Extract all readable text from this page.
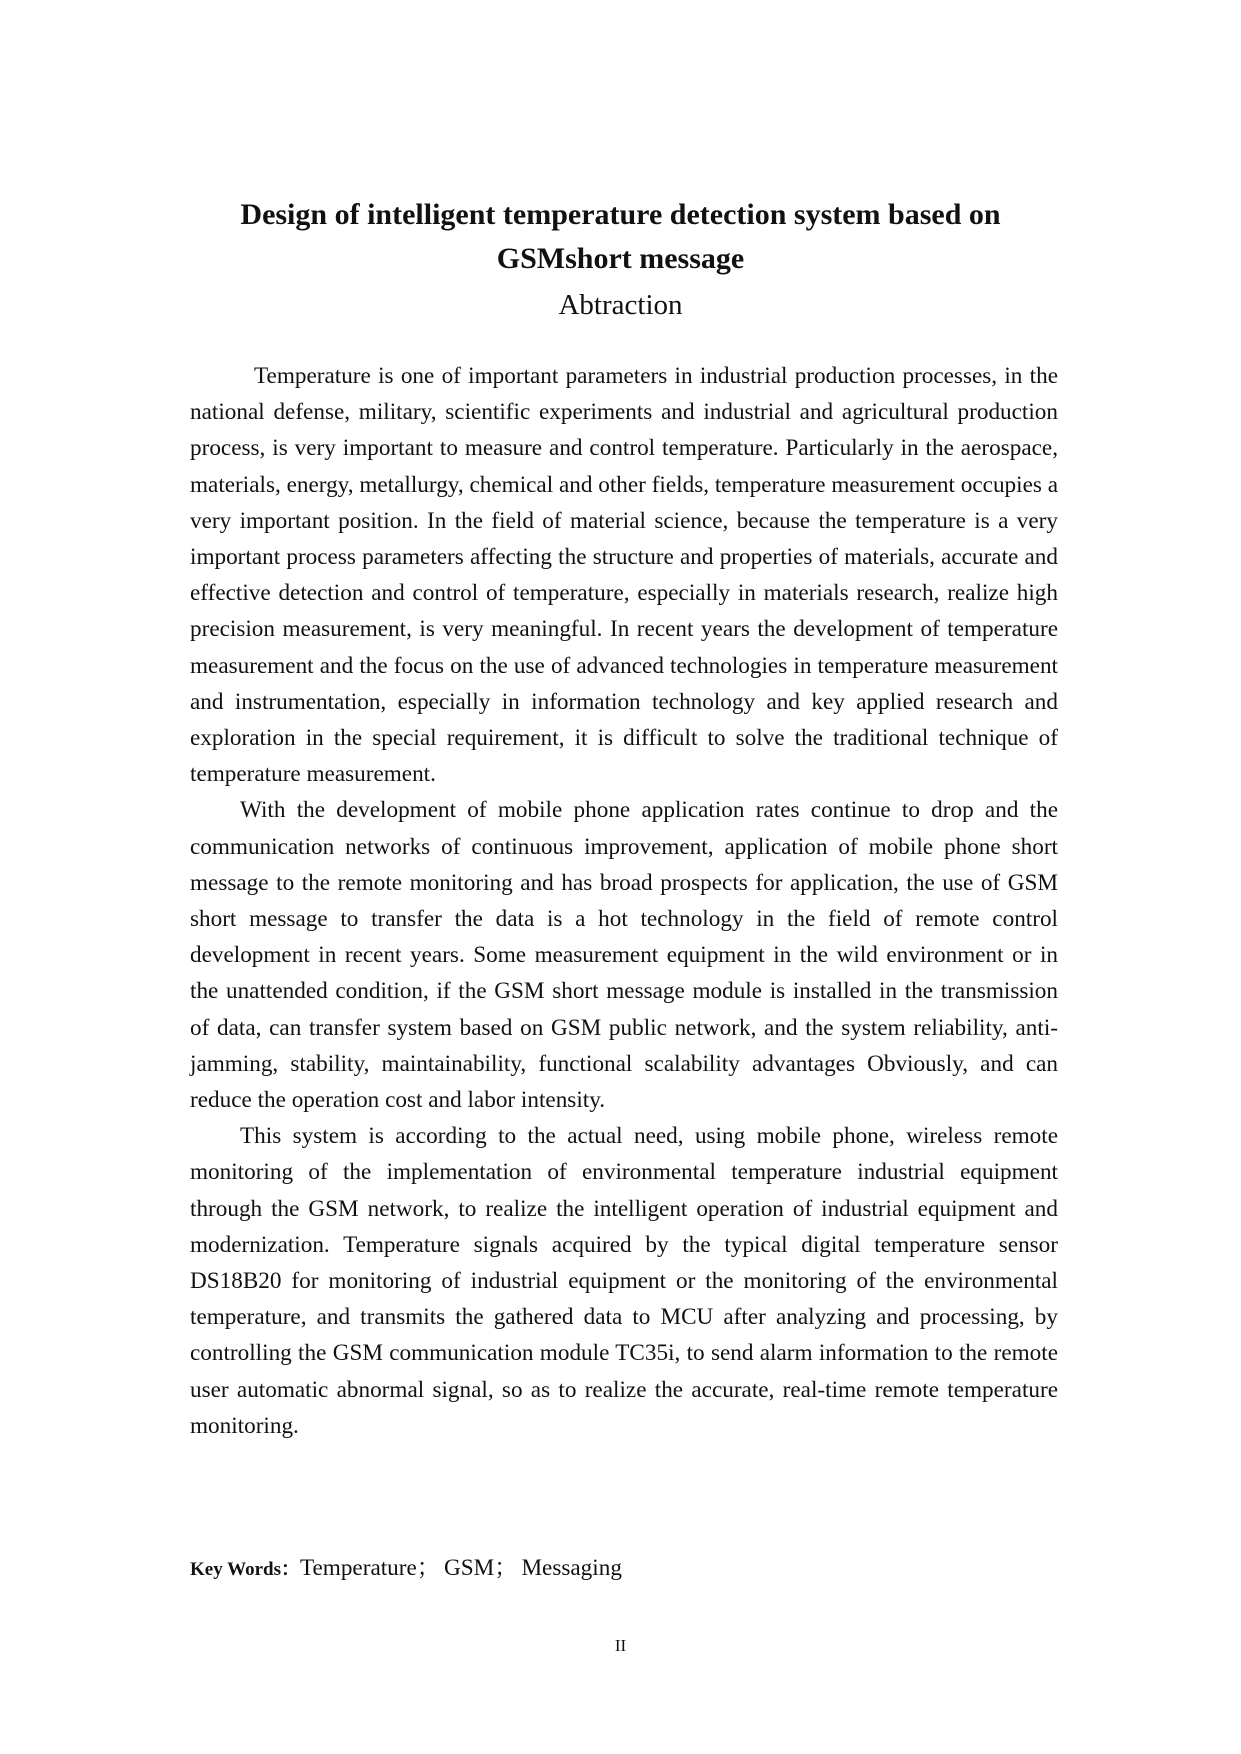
Design of intelligent temperature detection system based on
GSMshort message
Abtraction

Temperature is one of important parameters in industrial production processes, in the national defense, military, scientific experiments and industrial and agricultural production process, is very important to measure and control temperature. Particularly in the aerospace, materials, energy, metallurgy, chemical and other fields, temperature measurement occupies a very important position. In the field of material science, because the temperature is a very important process parameters affecting the structure and properties of materials, accurate and effective detection and control of temperature, especially in materials research, realize high precision measurement, is very meaningful. In recent years the development of temperature measurement and the focus on the use of advanced technologies in temperature measurement and instrumentation, especially in information technology and key applied research and exploration in the special requirement, it is difficult to solve the traditional technique of temperature measurement.

With the development of mobile phone application rates continue to drop and the communication networks of continuous improvement, application of mobile phone short message to the remote monitoring and has broad prospects for application, the use of GSM short message to transfer the data is a hot technology in the field of remote control development in recent years. Some measurement equipment in the wild environment or in the unattended condition, if the GSM short message module is installed in the transmission of data, can transfer system based on GSM public network, and the system reliability, anti-jamming, stability, maintainability, functional scalability advantages Obviously, and can reduce the operation cost and labor intensity.

This system is according to the actual need, using mobile phone, wireless remote monitoring of the implementation of environmental temperature industrial equipment through the GSM network, to realize the intelligent operation of industrial equipment and modernization. Temperature signals acquired by the typical digital temperature sensor DS18B20 for monitoring of industrial equipment or the monitoring of the environmental temperature, and transmits the gathered data to MCU after analyzing and processing, by controlling the GSM communication module TC35i, to send alarm information to the remote user automatic abnormal signal, so as to realize the accurate, real-time remote temperature monitoring.

Key Words：Temperature； GSM； Messaging
II
